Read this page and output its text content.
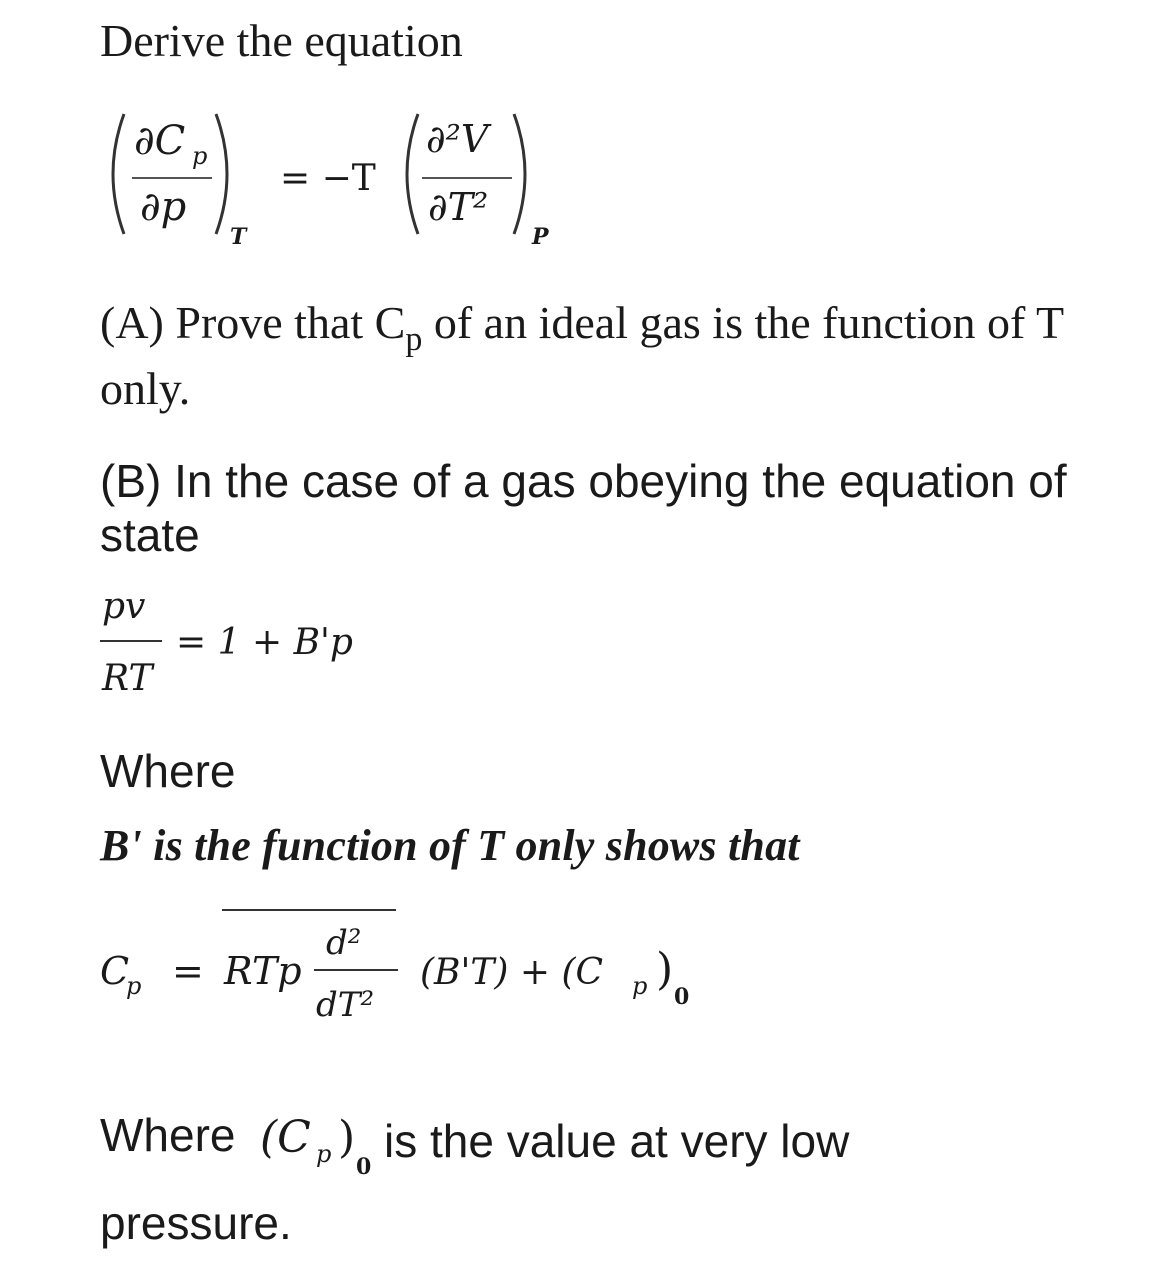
Derive the equation
∂C p
∂p
T
= −T
∂²V
∂T²
P
(A) Prove that $C_p$ of an ideal gas is the function of T only.
(B) In the case of a gas obeying the equation of state
pv
RT
= 1 + B'p
Where
B' is the function of T only shows that
C
p = RTp
d²
dT²
(B'T) + (C p )
0
Where (C p )
0 is the value at very low
pressure.
